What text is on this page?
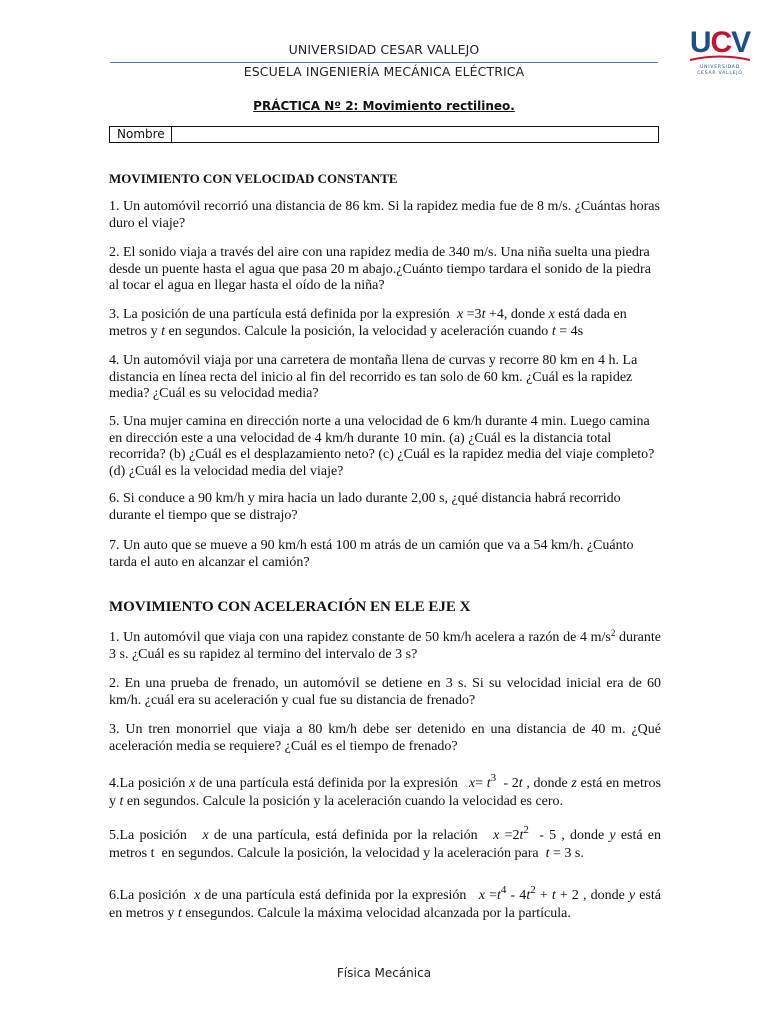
UNIVERSIDAD CESAR VALLEJO
ESCUELA INGENIERÍA MECÁNICA ELÉCTRICA
UCV
UNIVERSIDAD
CESAR VALLEJO
PRÁCTICA Nº 2: Movimiento rectilineo.
Nombre
MOVIMIENTO CON VELOCIDAD CONSTANTE
1. Un automóvil recorrió una distancia de 86 km. Si la rapidez media fue de 8 m/s. ¿Cuántas horas duro el viaje?
2. El sonido viaja a través del aire con una rapidez media de 340 m/s. Una niña suelta una piedra desde un puente hasta el agua que pasa 20 m abajo.¿Cuánto tiempo tardara el sonido de la piedra al tocar el agua en llegar hasta el oído de la niña?
3. La posición de una partícula está definida por la expresión  x =3t +4, donde x está dada en metros y t en segundos. Calcule la posición, la velocidad y aceleración cuando t = 4s
4. Un automóvil viaja por una carretera de montaña llena de curvas y recorre 80 km en 4 h. La distancia en línea recta del inicio al fin del recorrido es tan solo de 60 km. ¿Cuál es la rapidez media? ¿Cuál es su velocidad media?
5. Una mujer camina en dirección norte a una velocidad de 6 km/h durante 4 min. Luego camina en dirección este a una velocidad de 4 km/h durante 10 min. (a) ¿Cuál es la distancia total recorrida? (b) ¿Cuál es el desplazamiento neto? (c) ¿Cuál es la rapidez media del viaje completo? (d) ¿Cuál es la velocidad media del viaje?
6. Si conduce a 90 km/h y mira hacia un lado durante 2,00 s, ¿qué distancia habrá recorrido durante el tiempo que se distrajo?
7. Un auto que se mueve a 90 km/h está 100 m atrás de un camión que va a 54 km/h. ¿Cuánto tarda el auto en alcanzar el camión?
MOVIMIENTO CON ACELERACIÓN EN ELE EJE X
1. Un automóvil que viaja con una rapidez constante de 50 km/h acelera a razón de 4 $m/s^2$ durante 3 s. ¿Cuál es su rapidez al termino del intervalo de 3 s?
2. En una prueba de frenado, un automóvil se detiene en 3 s. Si su velocidad inicial era de 60 km/h. ¿cuál era su aceleración y cual fue su distancia de frenado?
3. Un tren monorriel que viaja a 80 km/h debe ser detenido en una distancia de 40 m. ¿Qué aceleración media se requiere? ¿Cuál es el tiempo de frenado?
4.La posición x de una partícula está definida por la expresión   $x= t^3 - 2t$ , donde z está en metros y t en segundos. Calcule la posición y la aceleración cuando la velocidad es cero.
5.La posición   x de una partícula, está definida por la relación   $x =2t^2 - 5$ , donde y está en metros t  en segundos. Calcule la posición, la velocidad y la aceleración para  t = 3 s.
6.La posición  x de una partícula está definida por la expresión   $x =t^4 - 4t^2 + t + 2$ , donde y está en metros y t ensegundos. Calcule la máxima velocidad alcanzada por la partícula.
Física Mecánica
